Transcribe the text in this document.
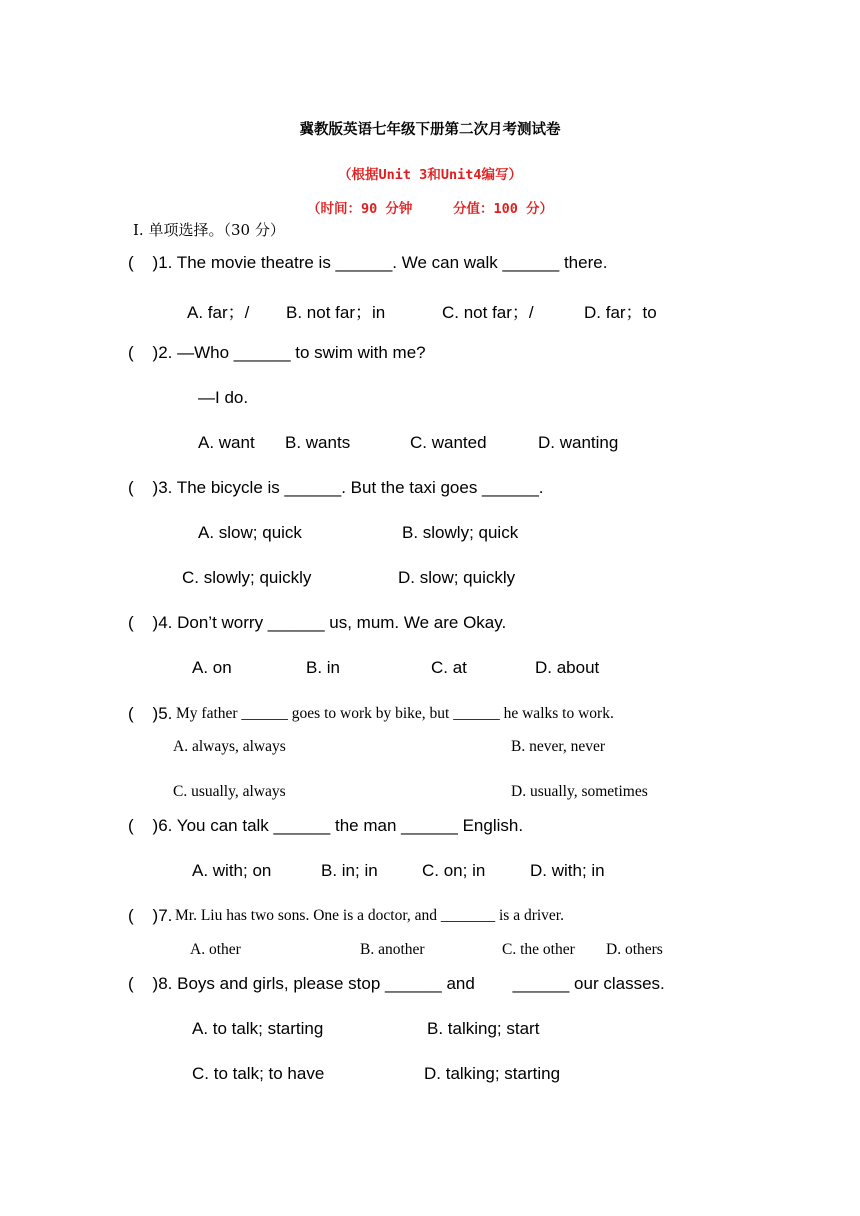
冀教版英语七年级下册第二次月考测试卷
（根据Unit 3和Unit4编写）
（时间：90 分钟     分值：100 分）
Ⅰ. 单项选择。（30 分）
(    )1. The movie theatre is ______. We can walk ______ there.
A. far；/ B. not far；in	C. not far；/	D. far；to
(    )2. —Who ______ to swim with me?
—I do.
A. want B. wants	C. wanted	D. wanting
(    )3. The bicycle is ______. But the taxi goes ______.
A. slow; quick	B. slowly; quick
C. slowly; quickly	D. slow; quickly
(    )4. Don’t worry ______ us, mum. We are Okay.
A. on	B. in	C. at	D. about
(    )5. My father ______ goes to work by bike, but ______ he walks to work.
A. always, always	B. never, never
C. usually, always	D. usually, sometimes
(    )6. You can talk ______ the man ______ English.
A. with; on	B. in; in	C. on; in	D. with; in
(    )7. Mr. Liu has two sons. One is a doctor, and _______ is a driver.
A. other	B. another	C. the other D. others
(    )8. Boys and girls, please stop ______ and        ______ our classes.
A. to talk; starting	B. talking; start
C. to talk; to have	D. talking; starting
